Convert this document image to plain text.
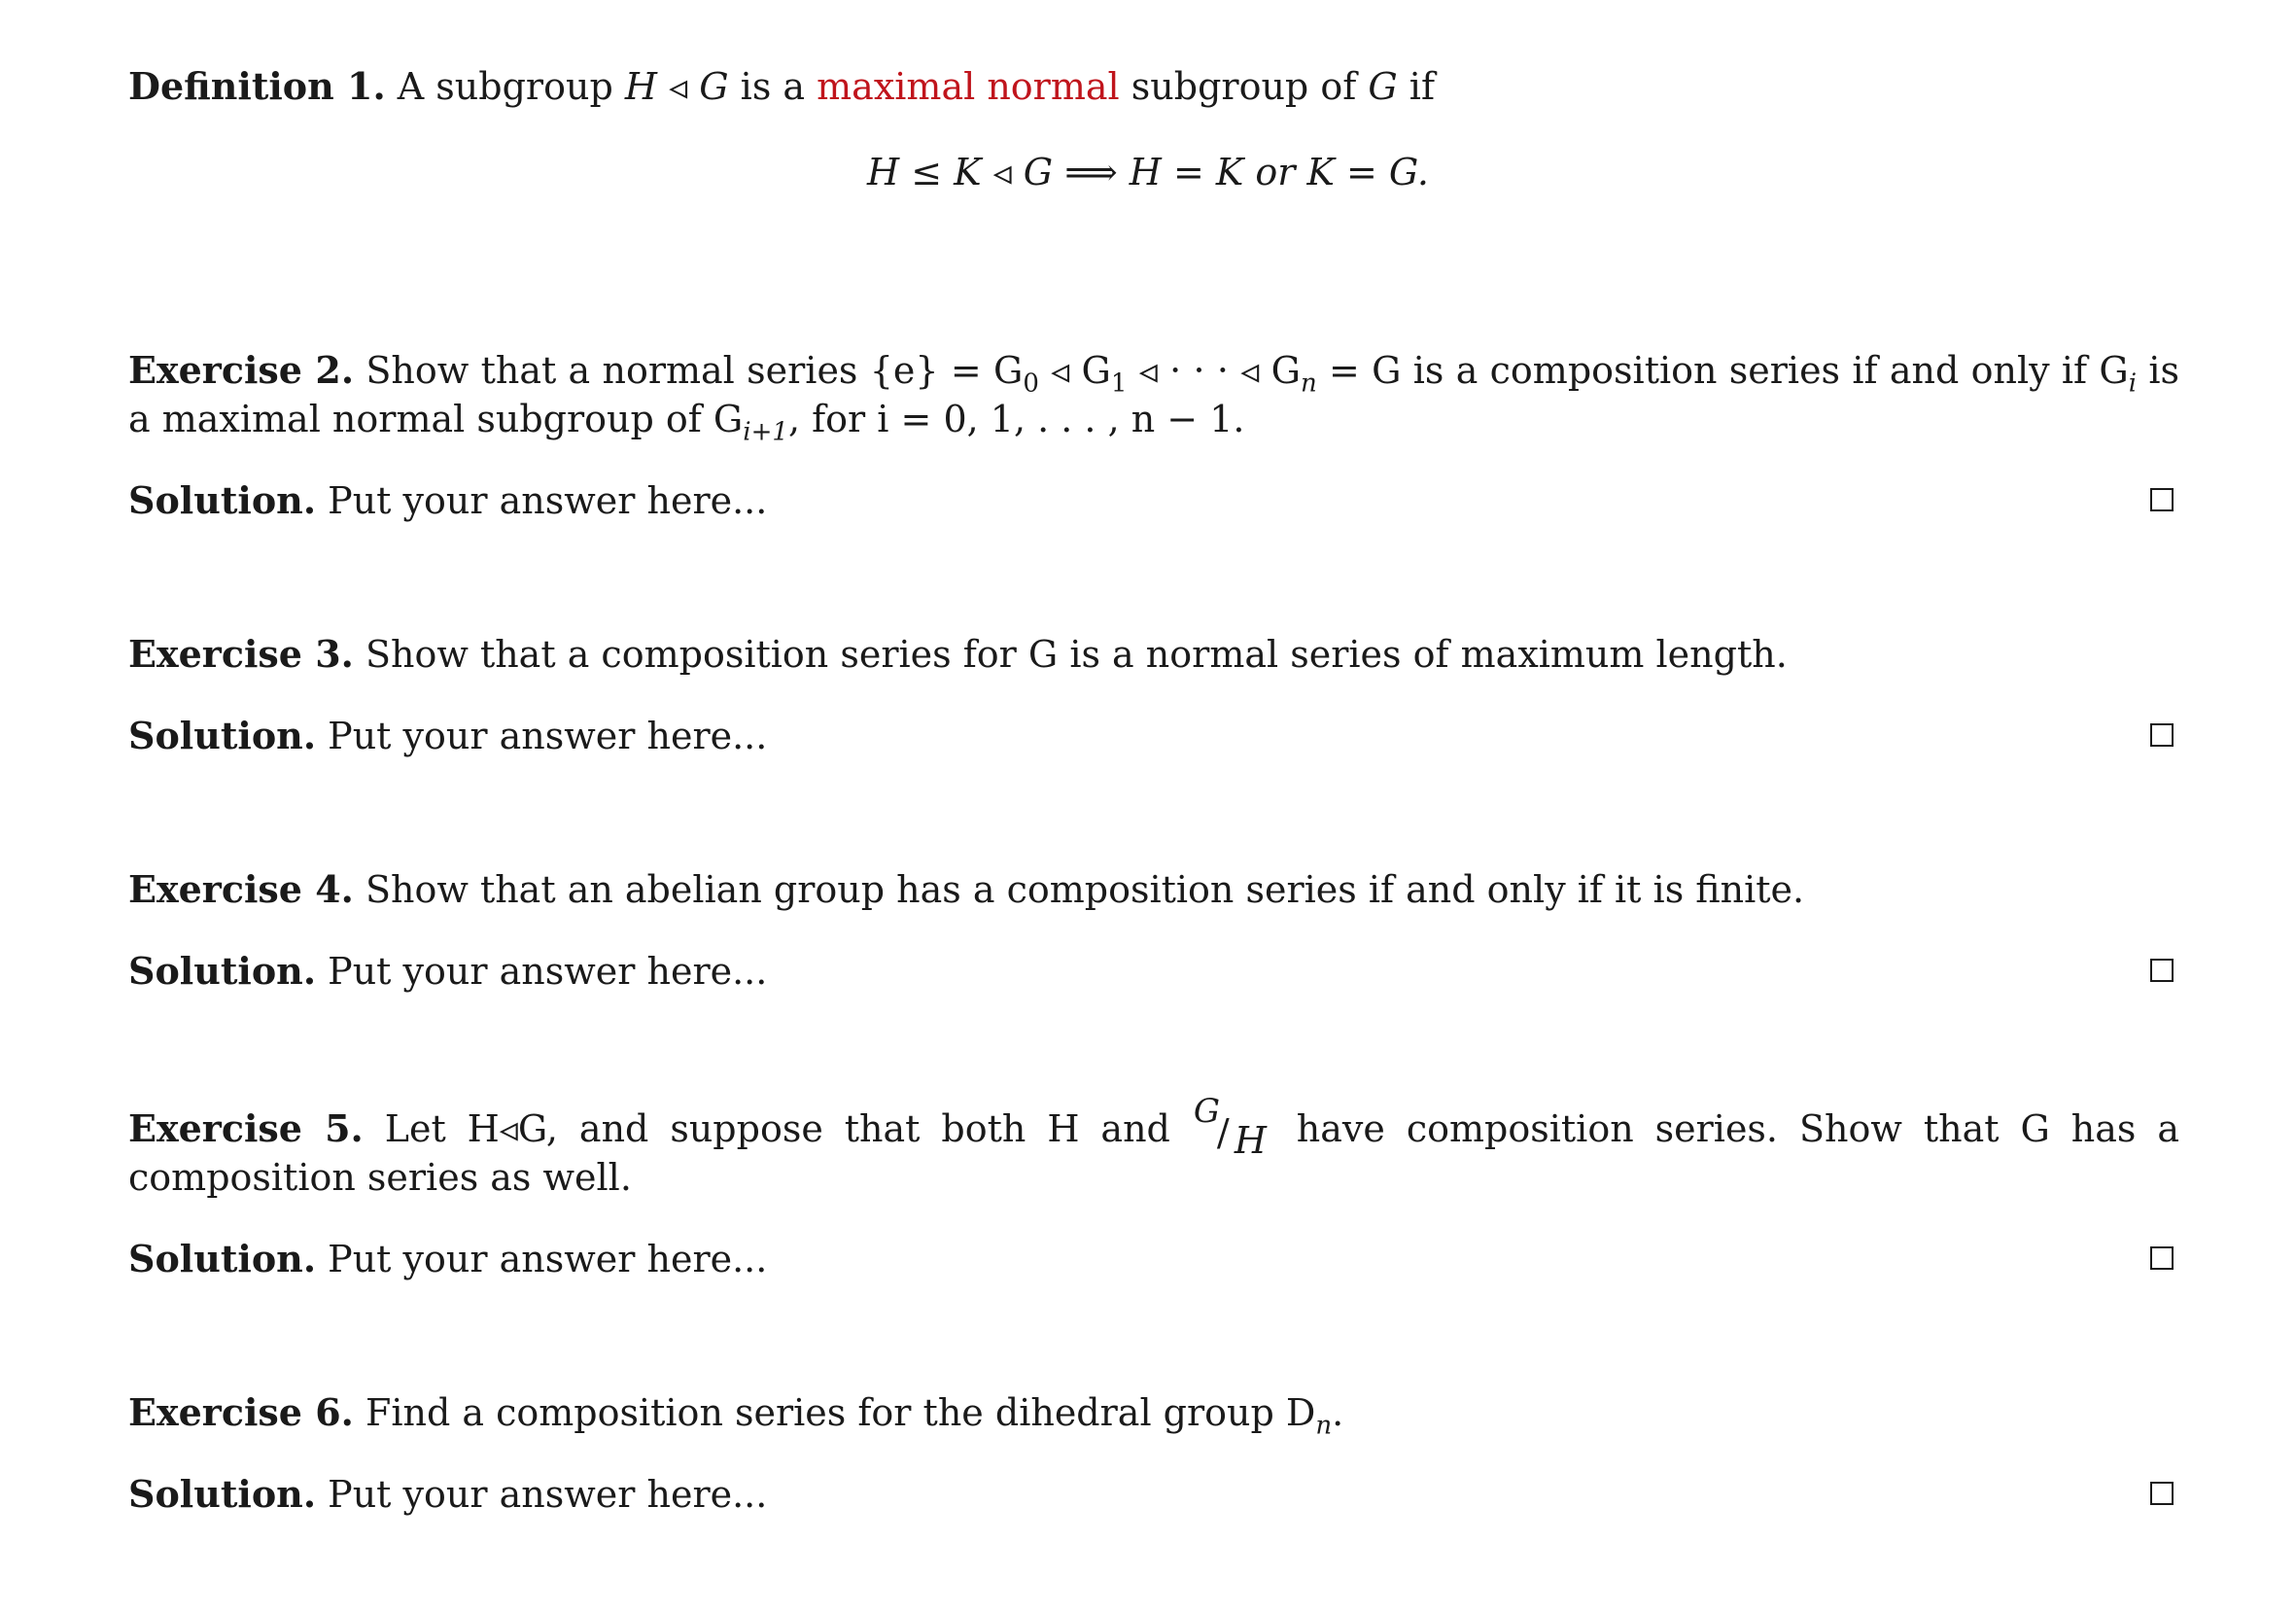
Definition 1. A subgroup H ◃ G is a maximal normal subgroup of G if
H ≤ K ◃ G ⟹ H = K or K = G.
Exercise 2. Show that a normal series $\{e\} = G_0$ ◃ $G_1$ ◃ · · · ◃ $G_n = G$ is a composition series if and only if $G_i$ is a maximal normal subgroup of $G_{i+1}$, for i = 0, 1, . . . , n − 1.
Solution. Put your answer here...
Exercise 3. Show that a composition series for G is a normal series of maximum length.
Solution. Put your answer here...
Exercise 4. Show that an abelian group has a composition series if and only if it is finite.
Solution. Put your answer here...
Exercise 5. Let H◃G, and suppose that both H and G
/ H have composition series. Show that G has a composition series as well.
Solution. Put your answer here...
Exercise 6. Find a composition series for the dihedral group $D_n$.
Solution. Put your answer here...
